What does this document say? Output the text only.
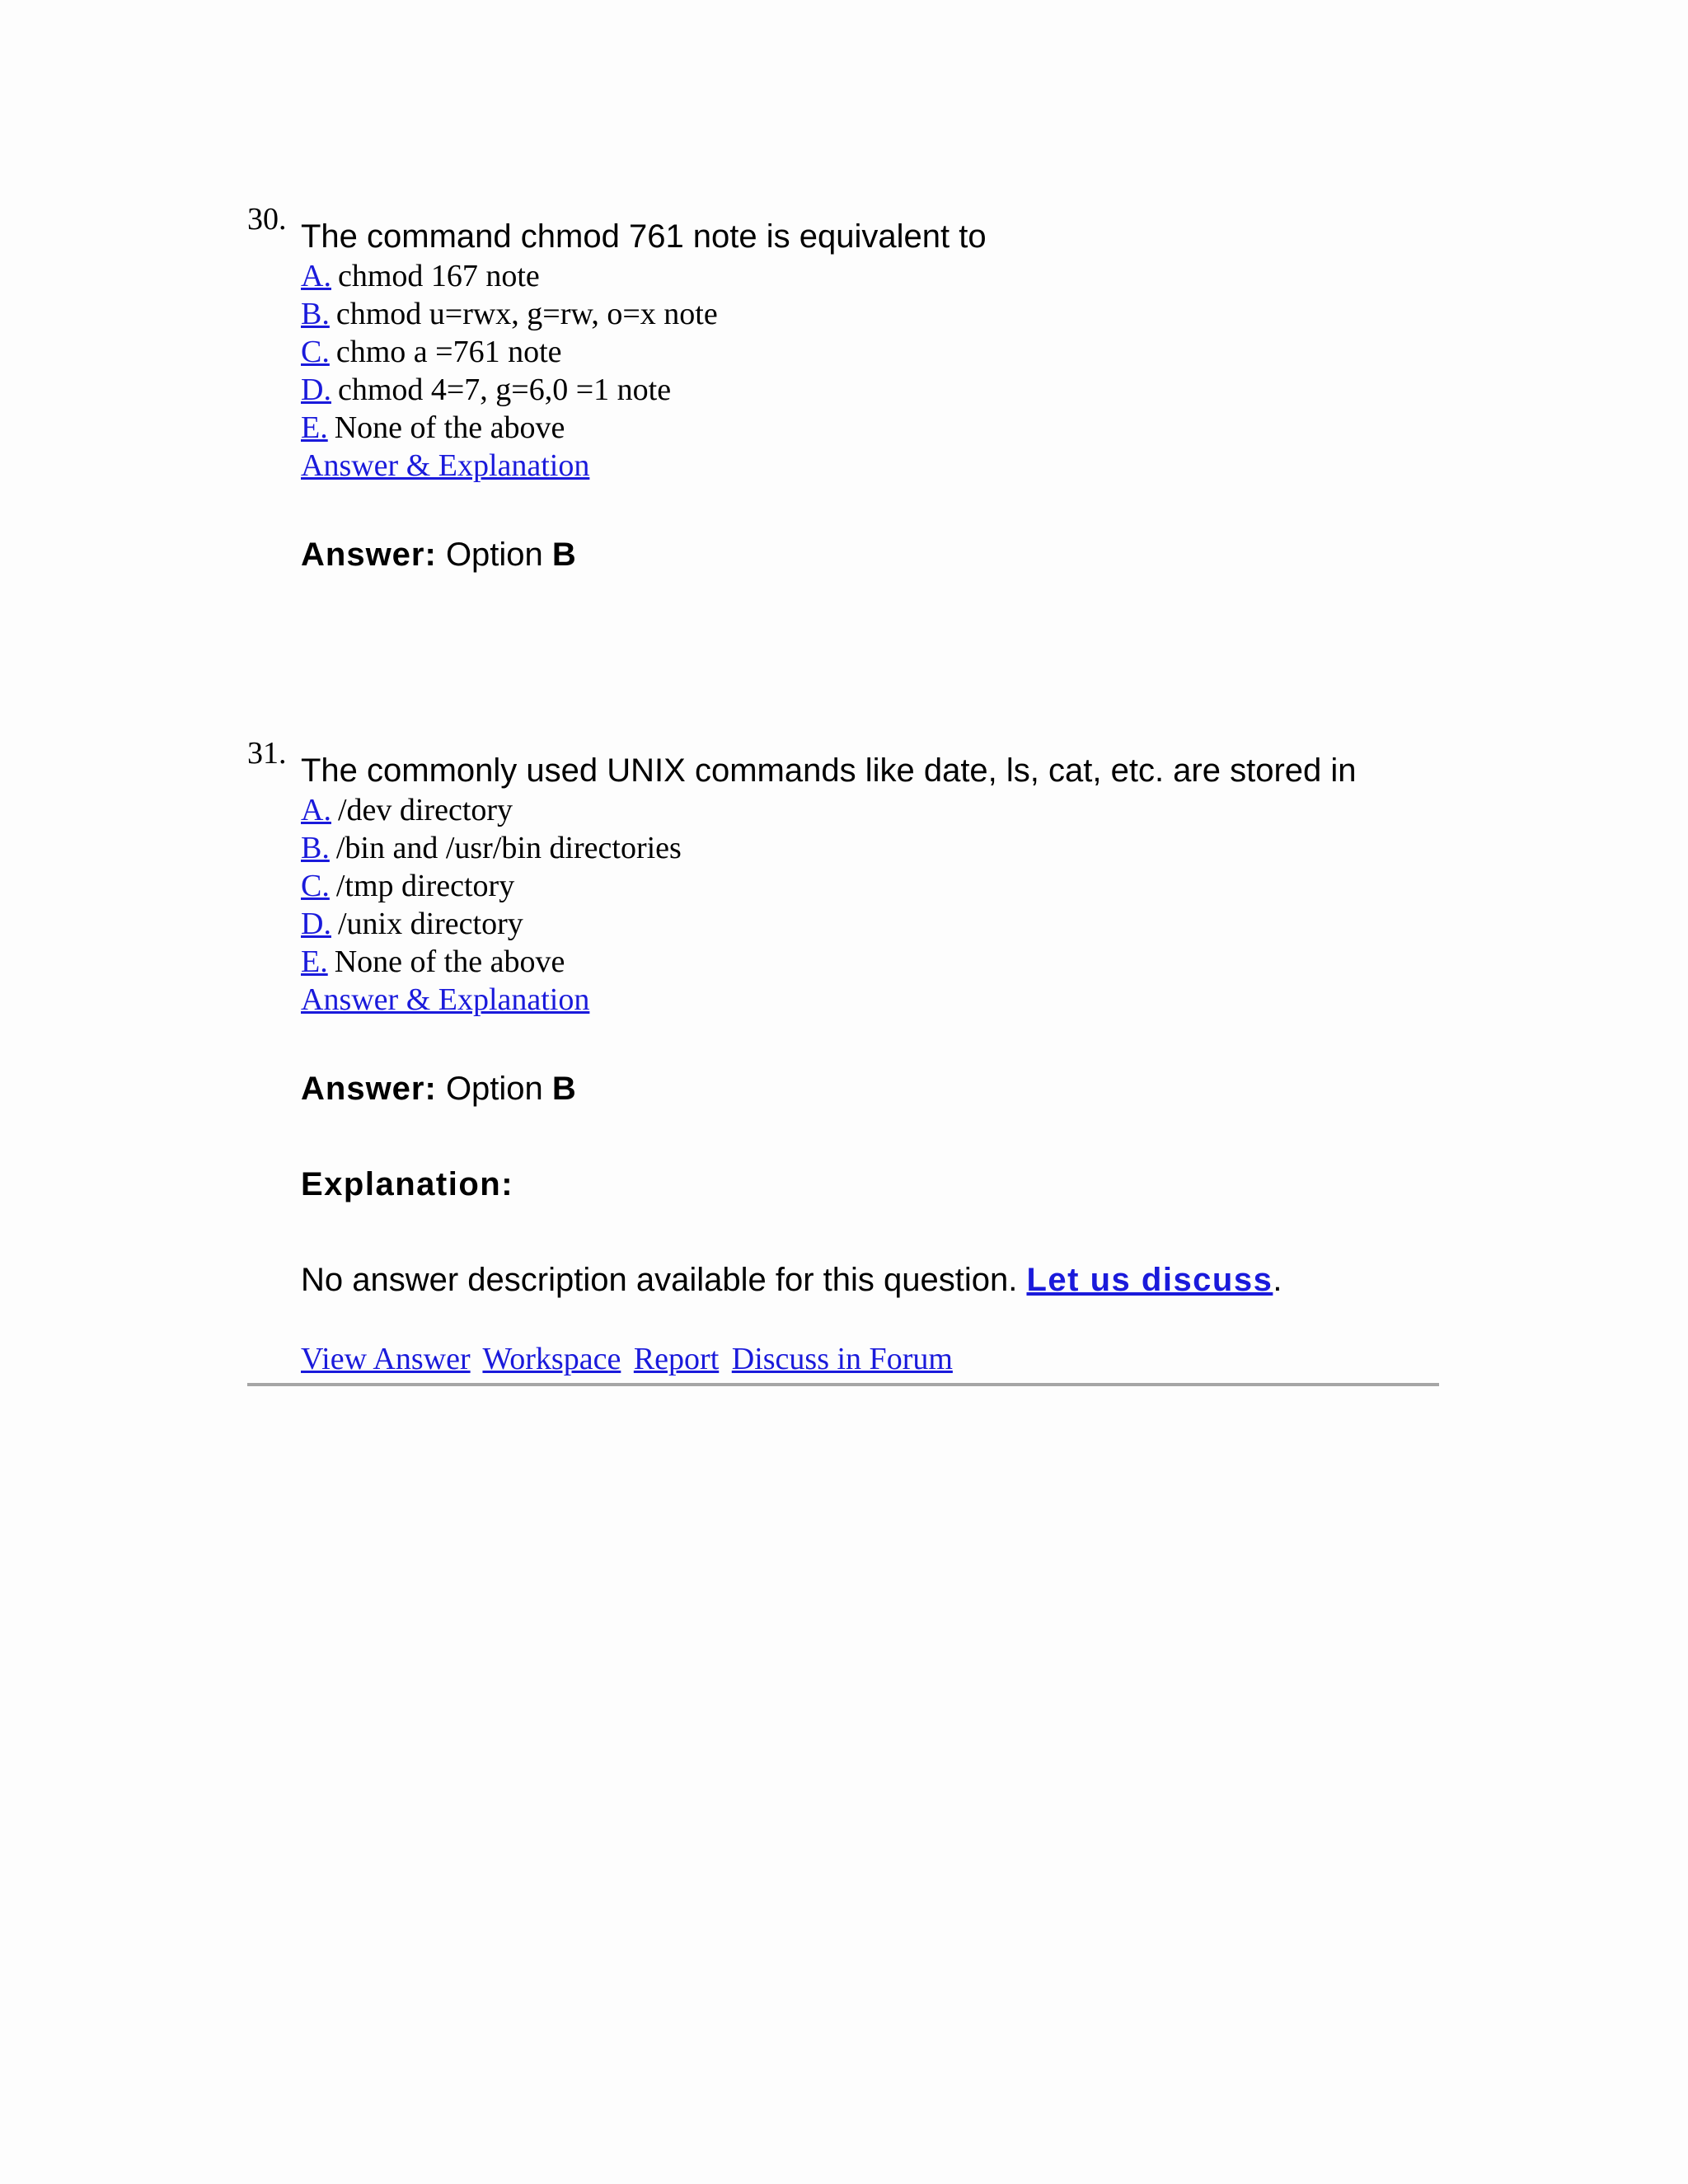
30. The command chmod 761 note is equivalent to

A. chmod 167 note
B. chmod u=rwx, g=rw, o=x note
C. chmo a =761 note
D. chmod 4=7, g=6,0 =1 note
E. None of the above
Answer & Explanation
Answer: Option B
31. The commonly used UNIX commands like date, ls, cat, etc. are stored in

A. /dev directory
B. /bin and /usr/bin directories
C. /tmp directory
D. /unix directory
E. None of the above
Answer & Explanation
Answer: Option B
Explanation:
No answer description available for this question. Let us discuss.
View Answer Workspace Report Discuss in Forum
